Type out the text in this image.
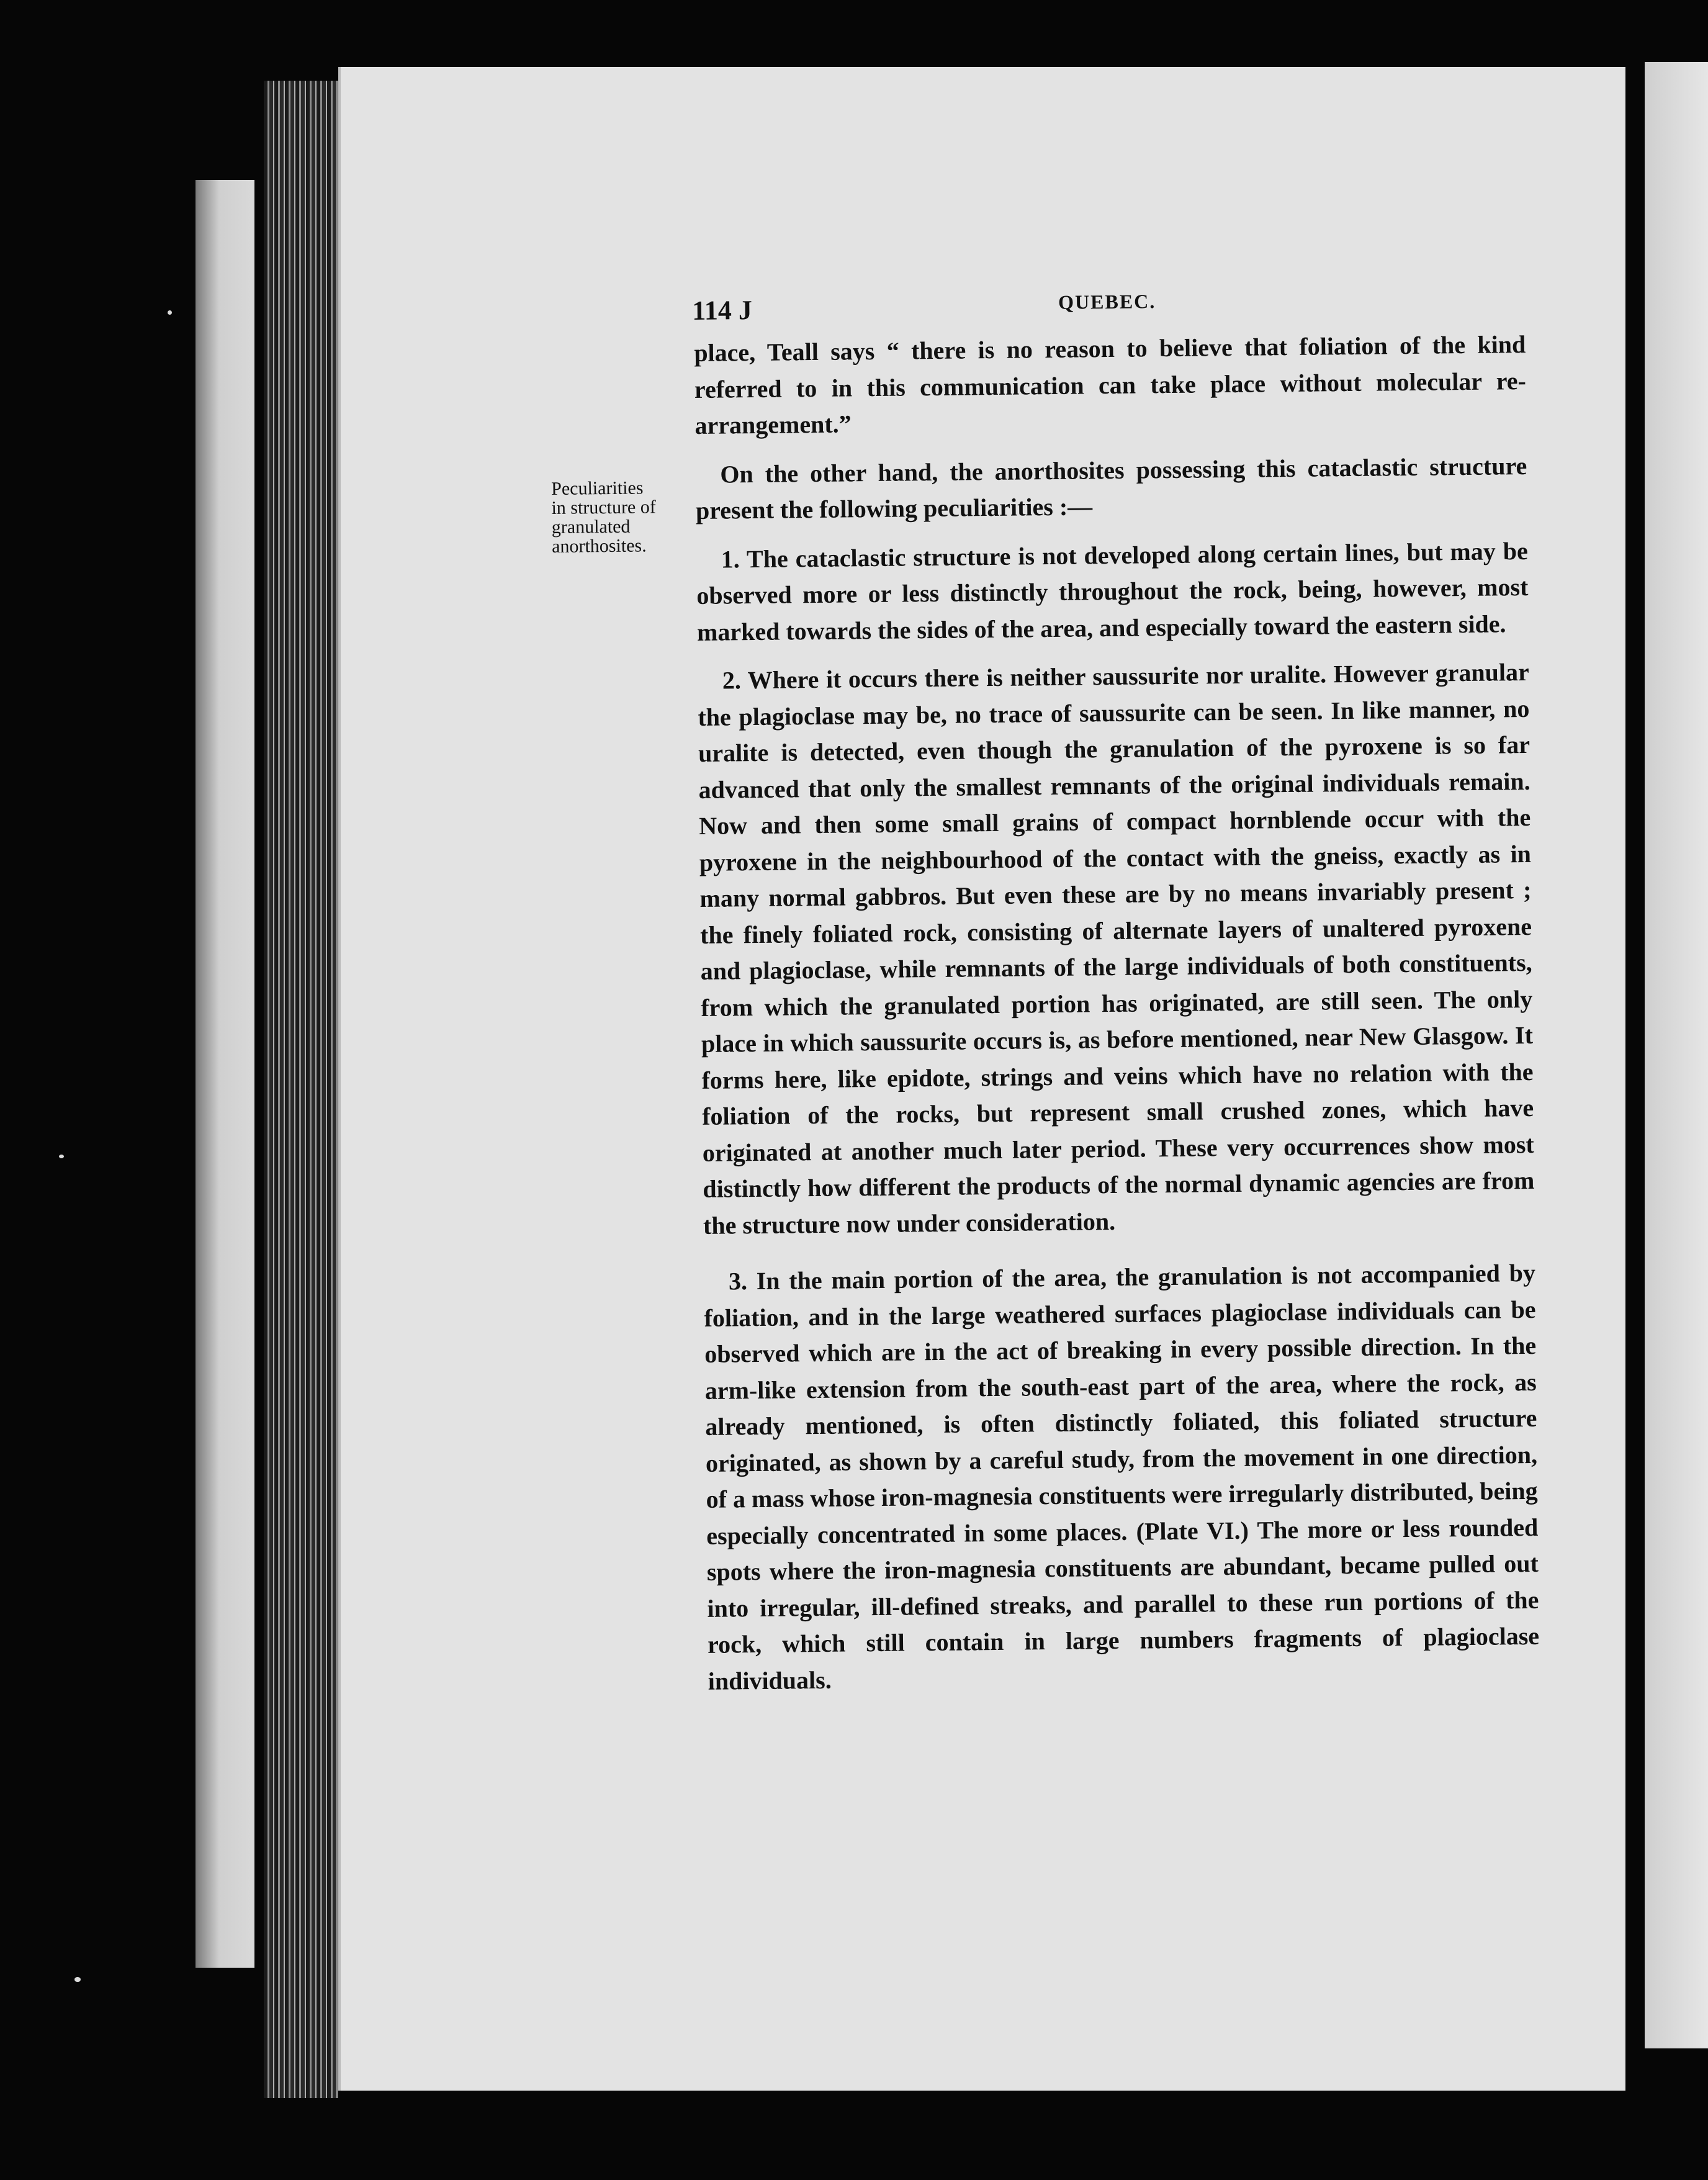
114 J	QUEBEC.
Peculiarities
in structure of
granulated
anorthosites.

place, Teall says “ there is no reason to believe that foliation of the kind referred to in this communication can take place without molecular re-arrangement.”

On the other hand, the anorthosites possessing this cataclastic structure present the following peculiarities :—

1. The cataclastic structure is not developed along certain lines, but may be observed more or less distinctly throughout the rock, being, however, most marked towards the sides of the area, and especially toward the eastern side.

2. Where it occurs there is neither saussurite nor uralite. However granular the plagioclase may be, no trace of saussurite can be seen. In like manner, no uralite is detected, even though the granulation of the pyroxene is so far advanced that only the smallest remnants of the original individuals remain. Now and then some small grains of compact hornblende occur with the pyroxene in the neighbourhood of the contact with the gneiss, exactly as in many normal gabbros. But even these are by no means invariably present ; the finely foliated rock, consisting of alternate layers of unaltered pyroxene and plagioclase, while remnants of the large individuals of both constituents, from which the granulated portion has originated, are still seen. The only place in which saussurite occurs is, as before mentioned, near New Glasgow. It forms here, like epidote, strings and veins which have no relation with the foliation of the rocks, but represent small crushed zones, which have originated at another much later period. These very occurrences show most distinctly how different the products of the normal dynamic agencies are from the structure now under consideration.

3. In the main portion of the area, the granulation is not accompanied by foliation, and in the large weathered surfaces plagioclase individuals can be observed which are in the act of breaking in every possible direction. In the arm-like extension from the south-east part of the area, where the rock, as already mentioned, is often distinctly foliated, this foliated structure originated, as shown by a careful study, from the movement in one direction, of a mass whose iron-magnesia constituents were irregularly distributed, being especially concentrated in some places. (Plate VI.) The more or less rounded spots where the iron-magnesia constituents are abundant, became pulled out into irregular, ill-defined streaks, and parallel to these run portions of the rock, which still contain in large numbers fragments of plagioclase individuals.
